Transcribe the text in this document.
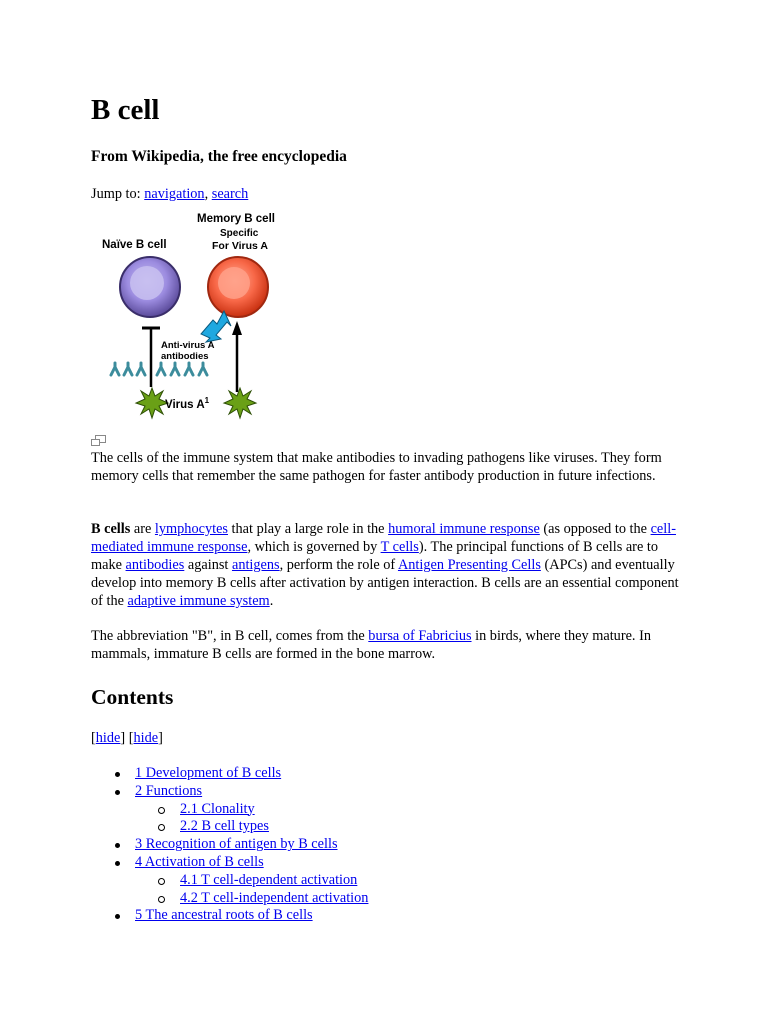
B cell

From Wikipedia, the free encyclopedia

Jump to: navigation, search
Naïve B cell
Memory B cell
Specific
For Virus A
Anti-virus A
antibodies
Virus $A^1$

The cells of the immune system that make antibodies to invading pathogens like viruses. They form memory cells that remember the same pathogen for faster antibody production in future infections.

B cells are lymphocytes that play a large role in the humoral immune response (as opposed to the cell-mediated immune response, which is governed by T cells). The principal functions of B cells are to make antibodies against antigens, perform the role of Antigen Presenting Cells (APCs) and eventually develop into memory B cells after activation by antigen interaction. B cells are an essential component of the adaptive immune system.

The abbreviation "B", in B cell, comes from the bursa of Fabricius in birds, where they mature. In mammals, immature B cells are formed in the bone marrow.

Contents
[hide] [hide]
1 Development of B cells
2 Functions
2.1 Clonality
2.2 B cell types
3 Recognition of antigen by B cells
4 Activation of B cells
4.1 T cell-dependent activation
4.2 T cell-independent activation
5 The ancestral roots of B cells
